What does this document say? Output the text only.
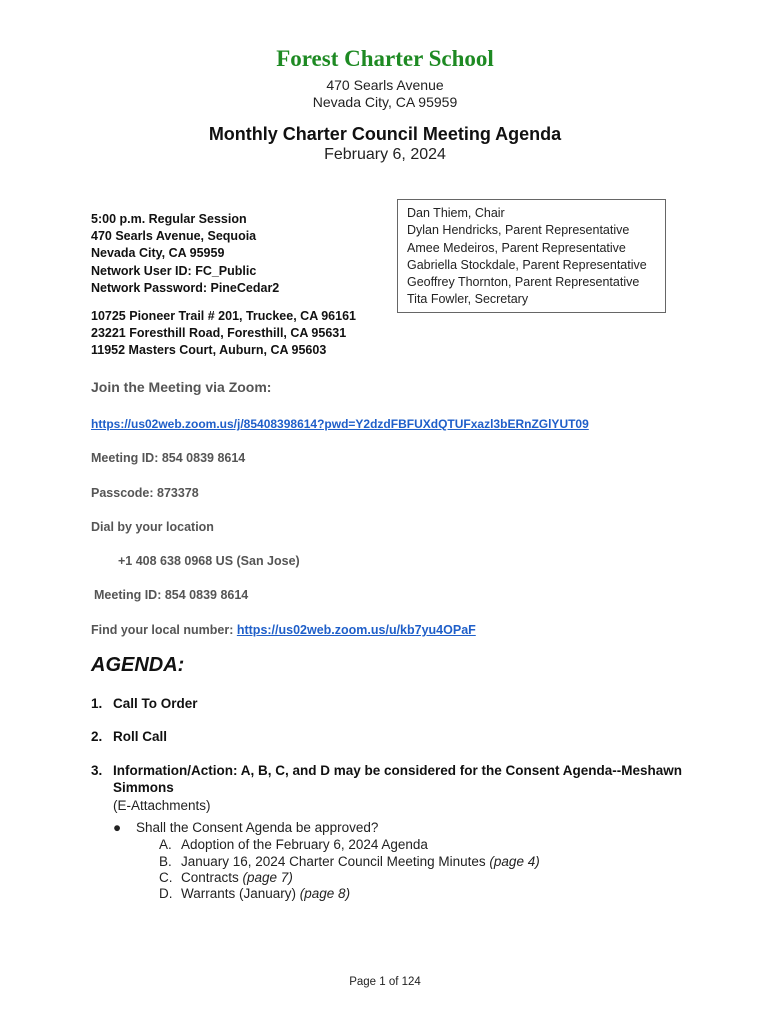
Forest Charter School
470 Searls Avenue
Nevada City, CA 95959
Monthly Charter Council Meeting Agenda
February 6, 2024
5:00 p.m. Regular Session
470 Searls Avenue, Sequoia
Nevada City, CA 95959
Network User ID: FC_Public
Network Password: PineCedar2
10725 Pioneer Trail # 201, Truckee, CA 96161
23221 Foresthill Road, Foresthill, CA 95631
11952 Masters Court, Auburn, CA 95603
Dan Thiem, Chair
Dylan Hendricks, Parent Representative
Amee Medeiros, Parent Representative
Gabriella Stockdale, Parent Representative
Geoffrey Thornton, Parent Representative
Tita Fowler, Secretary
Join the Meeting via Zoom:
https://us02web.zoom.us/j/85408398614?pwd=Y2dzdFBFUXdQTUFxazl3bERnZGlYUT09
Meeting ID: 854 0839 8614
Passcode: 873378
Dial by your location
+1 408 638 0968 US (San Jose)
Meeting ID: 854 0839 8614
Find your local number: https://us02web.zoom.us/u/kb7yu4OPaF
AGENDA:
1. Call To Order
2. Roll Call
3. Information/Action: A, B, C, and D may be considered for the Consent Agenda--Meshawn Simmons
(E-Attachments)
● Shall the Consent Agenda be approved?
A. Adoption of the February 6, 2024 Agenda
B. January 16, 2024 Charter Council Meeting Minutes (page 4)
C. Contracts (page 7)
D. Warrants (January) (page 8)
Page 1 of 124
